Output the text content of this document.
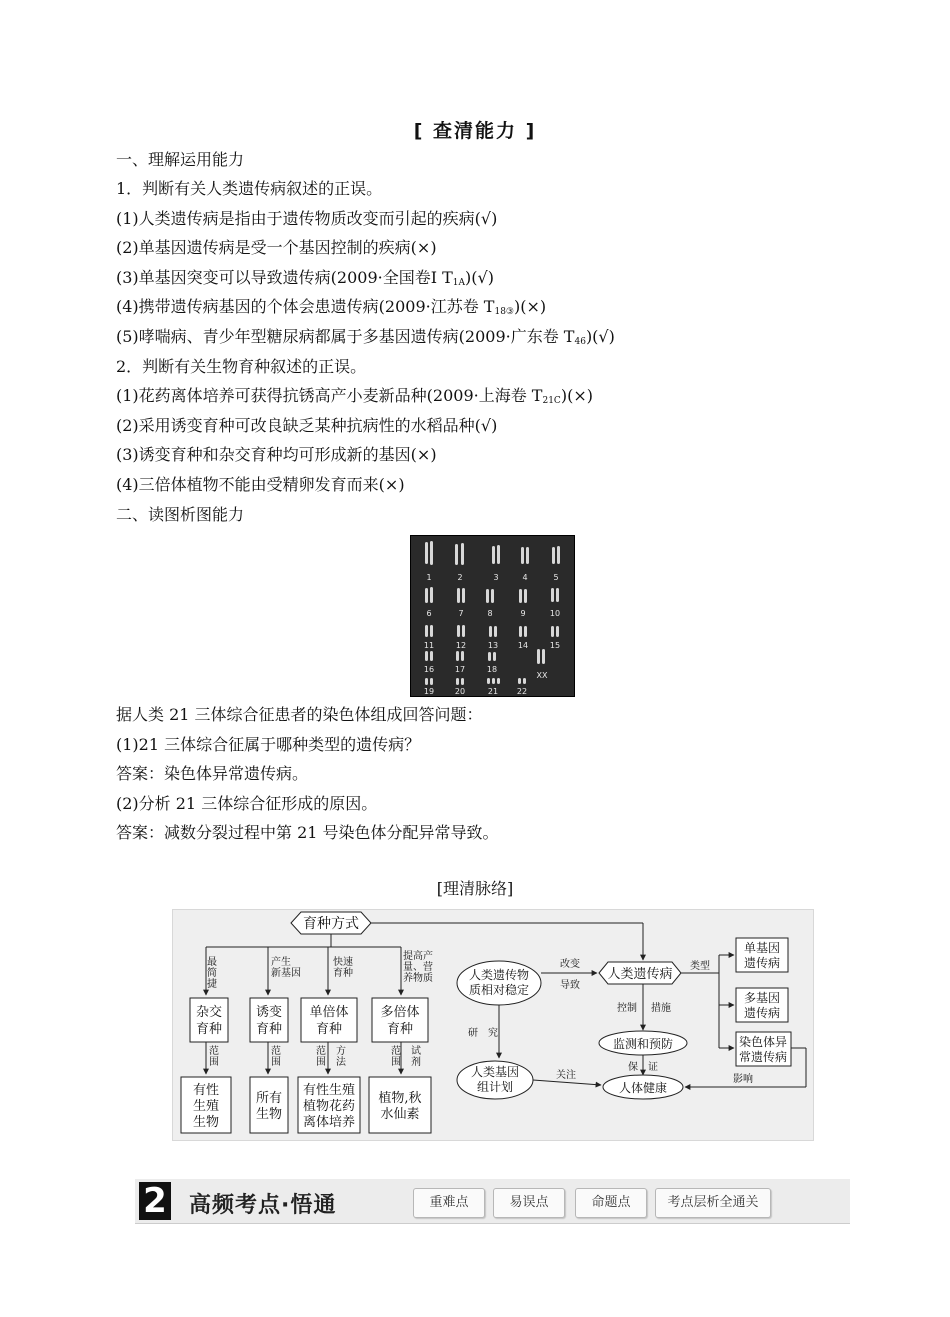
[ 查清能力 ]
一、理解运用能力
1．判断有关人类遗传病叙述的正误。
(1)人类遗传病是指由于遗传物质改变而引起的疾病(√)
(2)单基因遗传病是受一个基因控制的疾病(×)
(3)单基因突变可以导致遗传病(2009·全国卷Ⅰ $T_{1A})(√)$
(4)携带遗传病基因的个体会患遗传病(2009·江苏卷 $T_{18③})(\times)$
(5)哮喘病、青少年型糖尿病都属于多基因遗传病(2009·广东卷 $T_{46})(√)$
2．判断有关生物育种叙述的正误。
(1)花药离体培养可获得抗锈高产小麦新品种(2009·上海卷 $T_{21C})(\times)$
(2)采用诱变育种可改良缺乏某种抗病性的水稻品种(√)
(3)诱变育种和杂交育种均可形成新的基因(×)
(4)三倍体植物不能由受精卵发育而来(×)
二、读图析图能力
1	2	3	4	5
6	7	8	9	10
11	12	13 14	15
16	17	18
19	20	21 22
XX
据人类 21 三体综合征患者的染色体组成回答问题：
(1)21 三体综合征属于哪种类型的遗传病？
答案：染色体异常遗传病。
(2)分析 21 三体综合征形成的原因。
答案：减数分裂过程中第 21 号染色体分配异常导致。
[理清脉络]
育种方式
最
简
捷
产生
新基因
快速
育种
提高产
量、营
养物质
杂交
育种
诱变
育种
单倍体
育种
多倍体
育种
范
围
范
围
范　方
围　法
范　试
围　剂
有性
生殖
生物
所有
生物
有性生殖
植物花药
离体培养
植物,秋
水仙素
人类遗传物
质相对稳定
人类遗传病
单基因
遗传病
多基因
遗传病
染色体异
常遗传病
监测和预防
人体健康
人类基因
组计划
改变
导致
类型
控制 措施
保　证
研　究
关注	影响
2 高频考点·悟通	重难点	易误点	命题点	考点层析全通关
